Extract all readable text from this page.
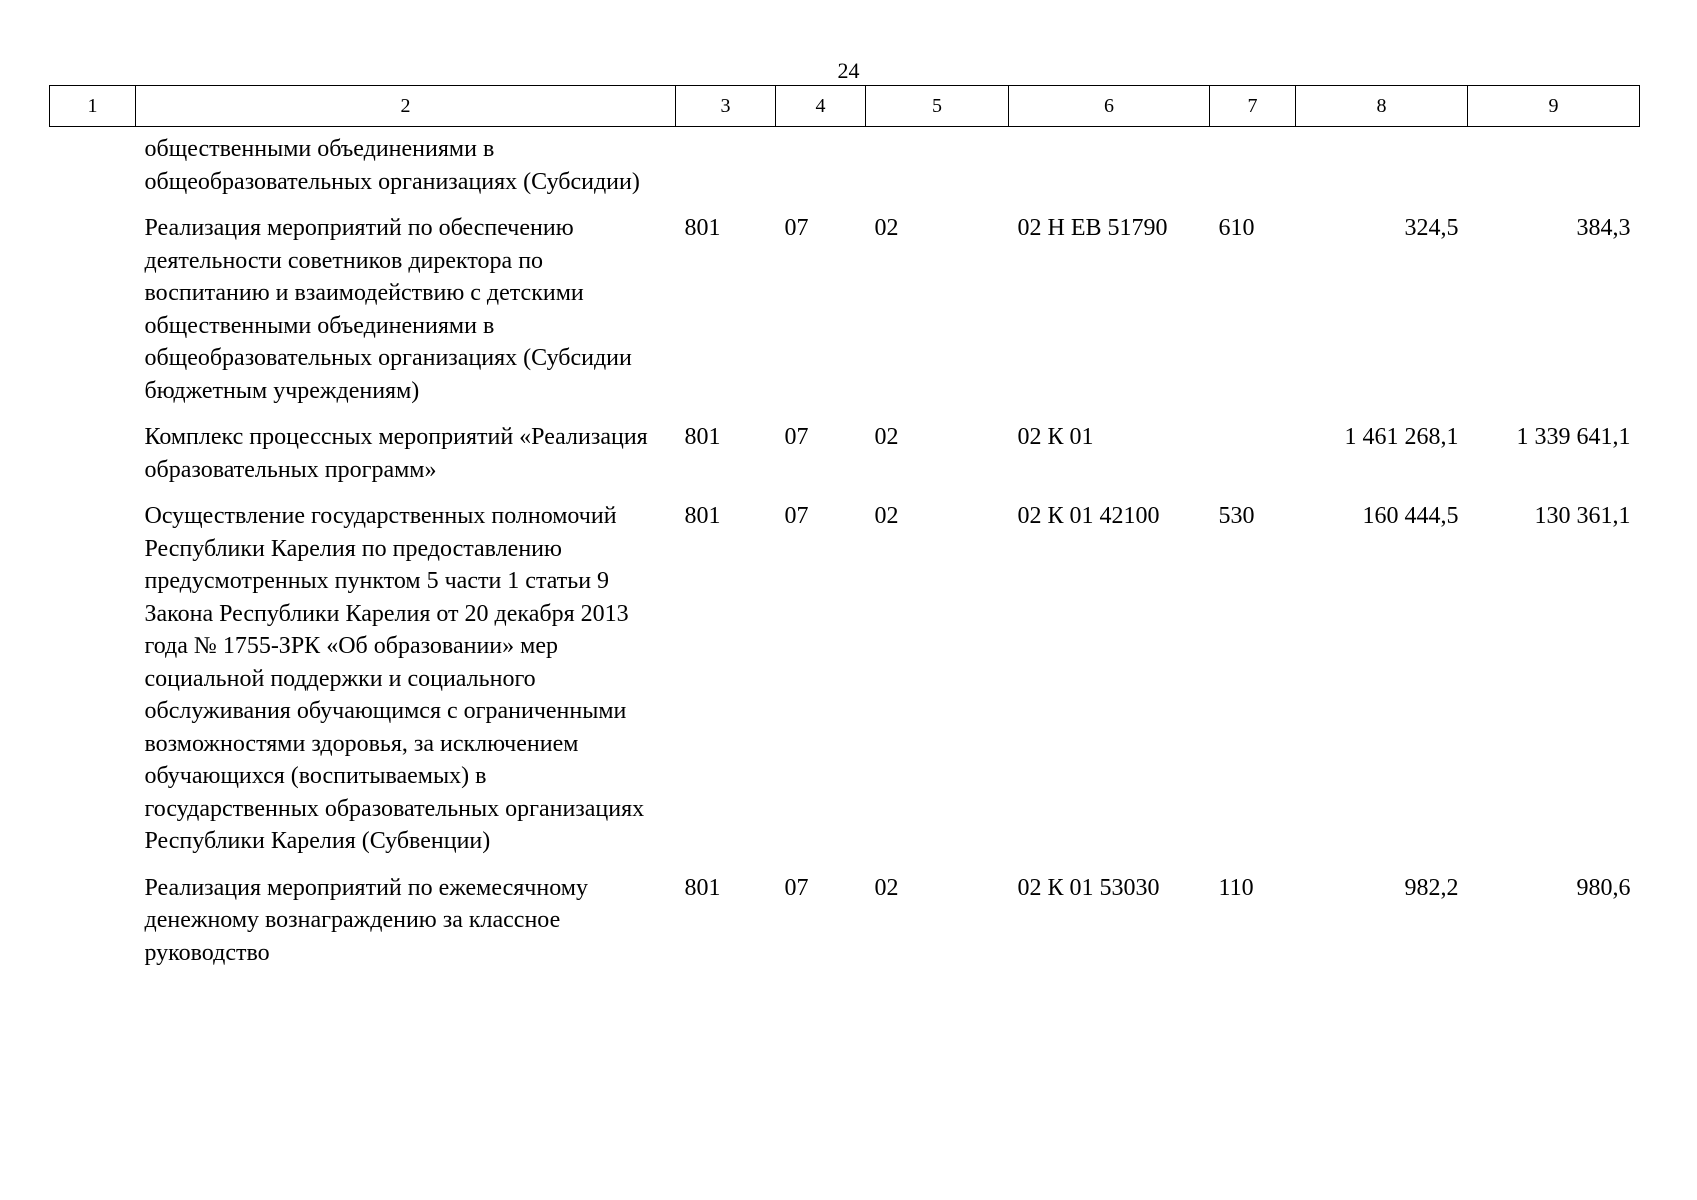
24
1	2	3	4	5	6	7	8	9
	общественными объединениями в общеобразовательных организациях (Субсидии)							
	Реализация мероприятий по обеспечению деятельности советников директора по воспитанию и взаимодействию с детскими общественными объединениями в общеобразовательных организациях (Субсидии бюджетным учреждениям)	801	07	02	02 Н ЕВ 51790	610	324,5	384,3
	Комплекс процессных мероприятий «Реализация образовательных программ»	801	07	02	02 К 01		1 461 268,1	1 339 641,1
	Осуществление государственных полномочий Республики Карелия по предоставлению предусмотренных пунктом 5 части 1 статьи 9 Закона Республики Карелия от 20 декабря 2013 года № 1755-ЗРК «Об образовании» мер социальной поддержки и социального обслуживания обучающимся с ограниченными возможностями здоровья, за исключением обучающихся (воспитываемых) в государственных образовательных организациях Республики Карелия (Субвенции)	801	07	02	02 К 01 42100	530	160 444,5	130 361,1
	Реализация мероприятий по ежемесячному денежному вознаграждению за классное руководство	801	07	02	02 К 01 53030	110	982,2	980,6
